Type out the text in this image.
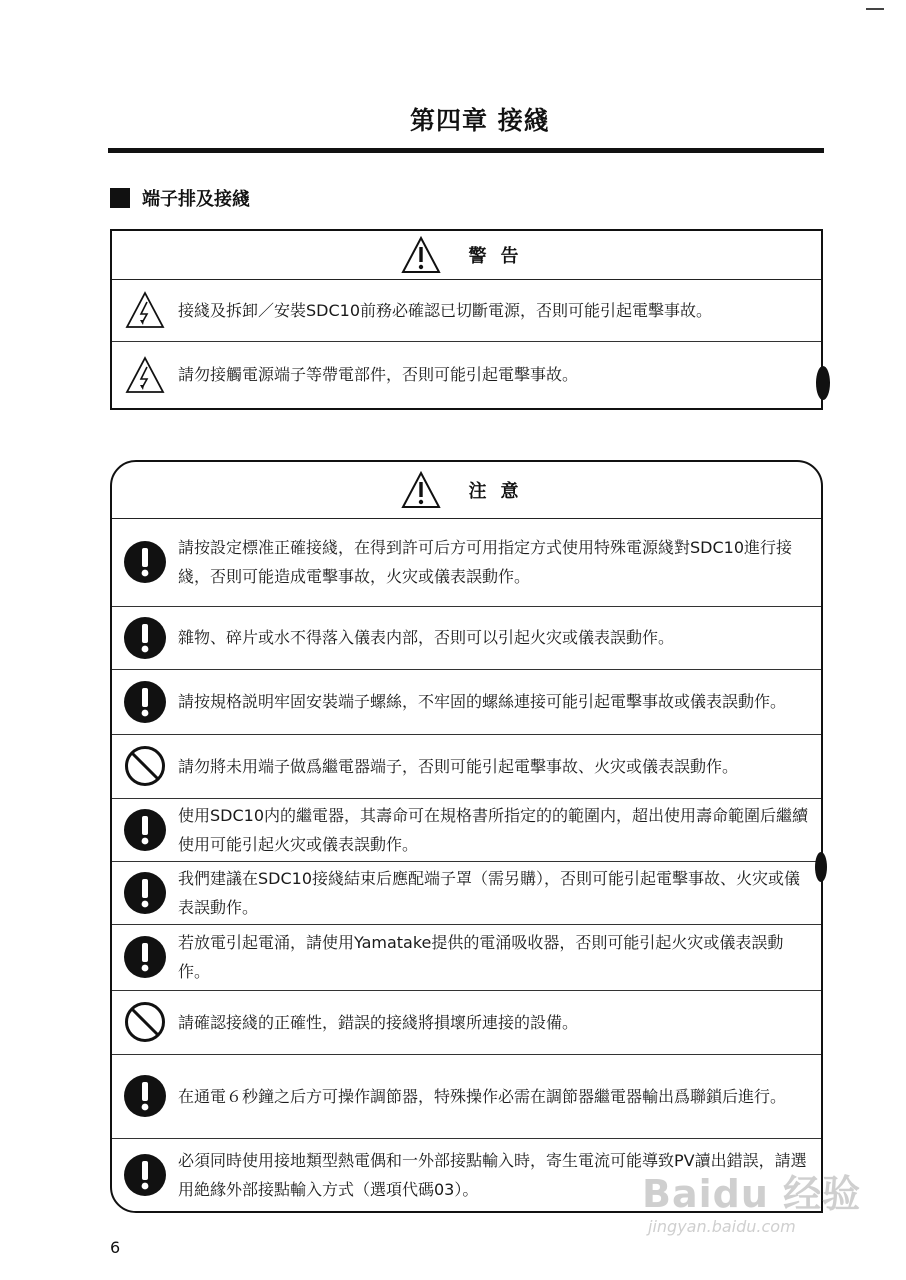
第四章 接綫
端子排及接綫
警告
接綫及拆卸／安裝SDC10前務必確認已切斷電源，否則可能引起電擊事故。
請勿接觸電源端子等帶電部件，否則可能引起電擊事故。
注意
請按設定標准正確接綫，在得到許可后方可用指定方式使用特殊電源綫對SDC10進行接綫，否則可能造成電擊事故，火灾或儀表誤動作。
雜物、碎片或水不得落入儀表内部，否則可以引起火灾或儀表誤動作。
請按規格説明牢固安裝端子螺絲，不牢固的螺絲連接可能引起電擊事故或儀表誤動作。
請勿將未用端子做爲繼電器端子，否則可能引起電擊事故、火灾或儀表誤動作。
使用SDC10内的繼電器，其壽命可在規格書所指定的的範圍内，超出使用壽命範圍后繼續使用可能引起火灾或儀表誤動作。
我們建議在SDC10接綫結束后應配端子罩（需另購），否則可能引起電擊事故、火灾或儀表誤動作。
若放電引起電涌，請使用Yamatake提供的電涌吸收器，否則可能引起火灾或儀表誤動作。
請確認接綫的正確性，錯誤的接綫將損壞所連接的設備。
在通電６秒鐘之后方可操作調節器，特殊操作必需在調節器繼電器輸出爲聯鎖后進行。
必須同時使用接地類型熱電偶和一外部接點輸入時，寄生電流可能導致PV讀出錯誤，請選用絶緣外部接點輸入方式（選項代碼03）。
6
Baidu 经验
jingyan.baidu.com
